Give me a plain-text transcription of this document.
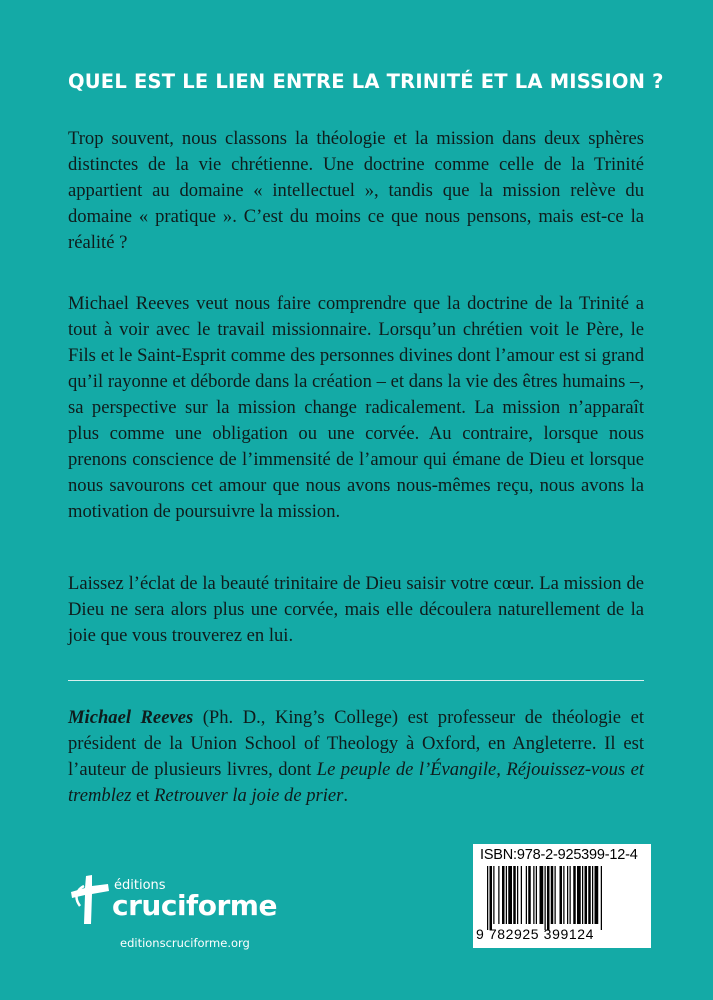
QUEL EST LE LIEN ENTRE LA TRINITÉ ET LA MISSION ?

Trop souvent, nous classons la théologie et la mission dans deux sphères distinctes de la vie chrétienne. Une doctrine comme celle de la Trinité appartient au domaine « intellectuel », tandis que la mission relève du domaine « pratique ». C’est du moins ce que nous pensons, mais est-ce la réalité ?

Michael Reeves veut nous faire comprendre que la doctrine de la Trinité a tout à voir avec le travail missionnaire. Lorsqu’un chrétien voit le Père, le Fils et le Saint-Esprit comme des personnes divines dont l’amour est si grand qu’il rayonne et déborde dans la création – et dans la vie des êtres humains –, sa perspective sur la mission change radicalement. La mission n’apparaît plus comme une obligation ou une corvée. Au contraire, lorsque nous prenons conscience de l’immensité de l’amour qui émane de Dieu et lorsque nous savourons cet amour que nous avons nous-mêmes reçu, nous avons la motivation de poursuivre la mission.

Laissez l’éclat de la beauté trinitaire de Dieu saisir votre cœur. La mission de Dieu ne sera alors plus une corvée, mais elle découlera naturellement de la joie que vous trouverez en lui.

Michael Reeves (Ph. D., King’s College) est professeur de théologie et président de la Union School of Theology à Oxford, en Angleterre. Il est l’auteur de plusieurs livres, dont Le peuple de l’Évangile, Réjouissez-vous et tremblez et Retrouver la joie de prier.

éditions
cruciforme
editionscruciforme.org
ISBN:978-2-925399-12-4
9 782925 399124
